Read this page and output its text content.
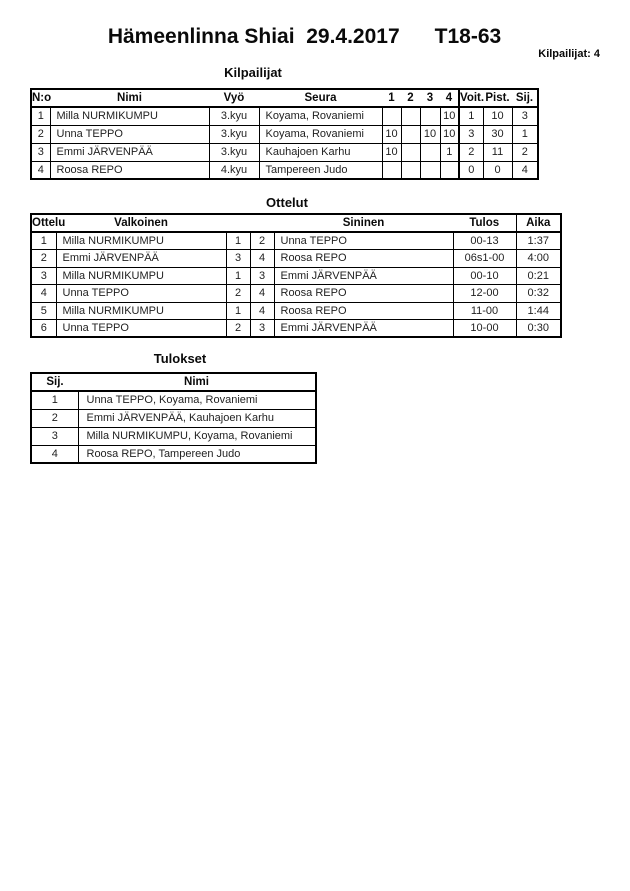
Hämeenlinna Shiai  29.4.2017      T18-63
Kilpailijat: 4
Kilpailijat
N:o	Nimi	Vyö	Seura	1	2	3	4	Voit.	Pist.	Sij.
1	Milla NURMIKUMPU	3.kyu	Koyama, Rovaniemi				10	1	10	3
2	Unna TEPPO	3.kyu	Koyama, Rovaniemi	10		10	10	3	30	1
3	Emmi JÄRVENPÄÄ	3.kyu	Kauhajoen Karhu	10			1	2	11	2
4	Roosa REPO	4.kyu	Tampereen Judo					0	0	4
Ottelut
Ottelu	Valkoinen			Sininen	Tulos	Aika
1	Milla NURMIKUMPU	1	2	Unna TEPPO	00-13	1:37
2	Emmi JÄRVENPÄÄ	3	4	Roosa REPO	06s1-00	4:00
3	Milla NURMIKUMPU	1	3	Emmi JÄRVENPÄÄ	00-10	0:21
4	Unna TEPPO	2	4	Roosa REPO	12-00	0:32
5	Milla NURMIKUMPU	1	4	Roosa REPO	11-00	1:44
6	Unna TEPPO	2	3	Emmi JÄRVENPÄÄ	10-00	0:30
Tulokset
Sij.	Nimi
1	Unna TEPPO, Koyama, Rovaniemi
2	Emmi JÄRVENPÄÄ, Kauhajoen Karhu
3	Milla NURMIKUMPU, Koyama, Rovaniemi
4	Roosa REPO, Tampereen Judo
